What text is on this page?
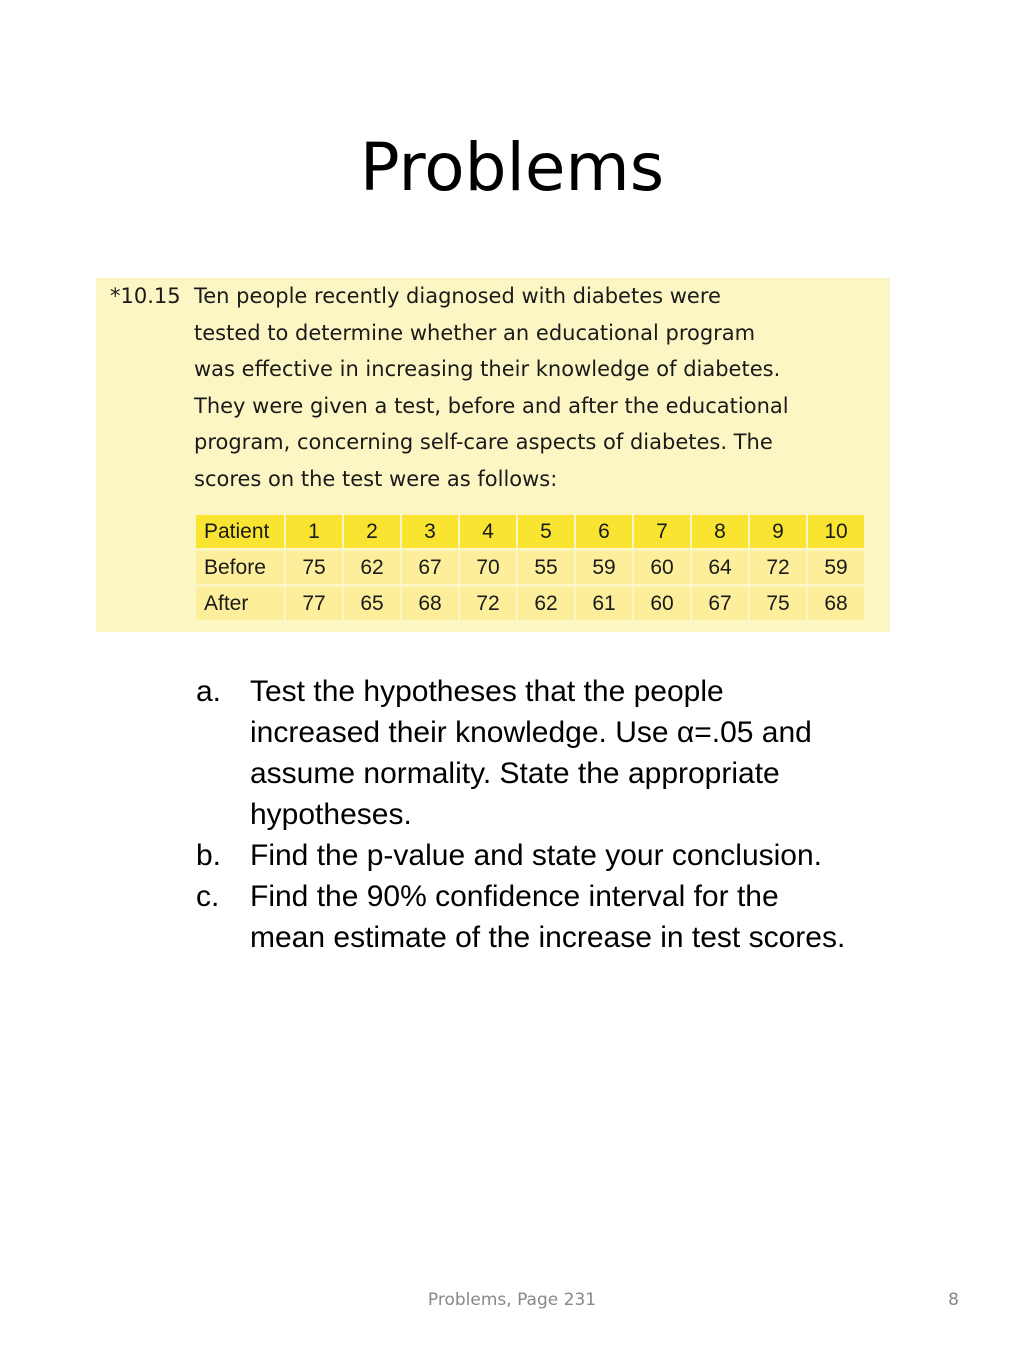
Problems
*10.15 Ten people recently diagnosed with diabetes were
tested to determine whether an educational program
was effective in increasing their knowledge of diabetes.
They were given a test, before and after the educational
program, concerning self-care aspects of diabetes. The
scores on the test were as follows:

Patient	1	2	3	4	5	6	7	8	9	10
Before	75	62	67	70	55	59	60	64	72	59
After	77	65	68	72	62	61	60	67	75	68
a. Test the hypotheses that the people increased their knowledge. Use α=.05 and assume normality. State the appropriate hypotheses.
b. Find the p-value and state your conclusion.
c. Find the 90% confidence interval for the mean estimate of the increase in test scores.
Problems, Page 231	8
